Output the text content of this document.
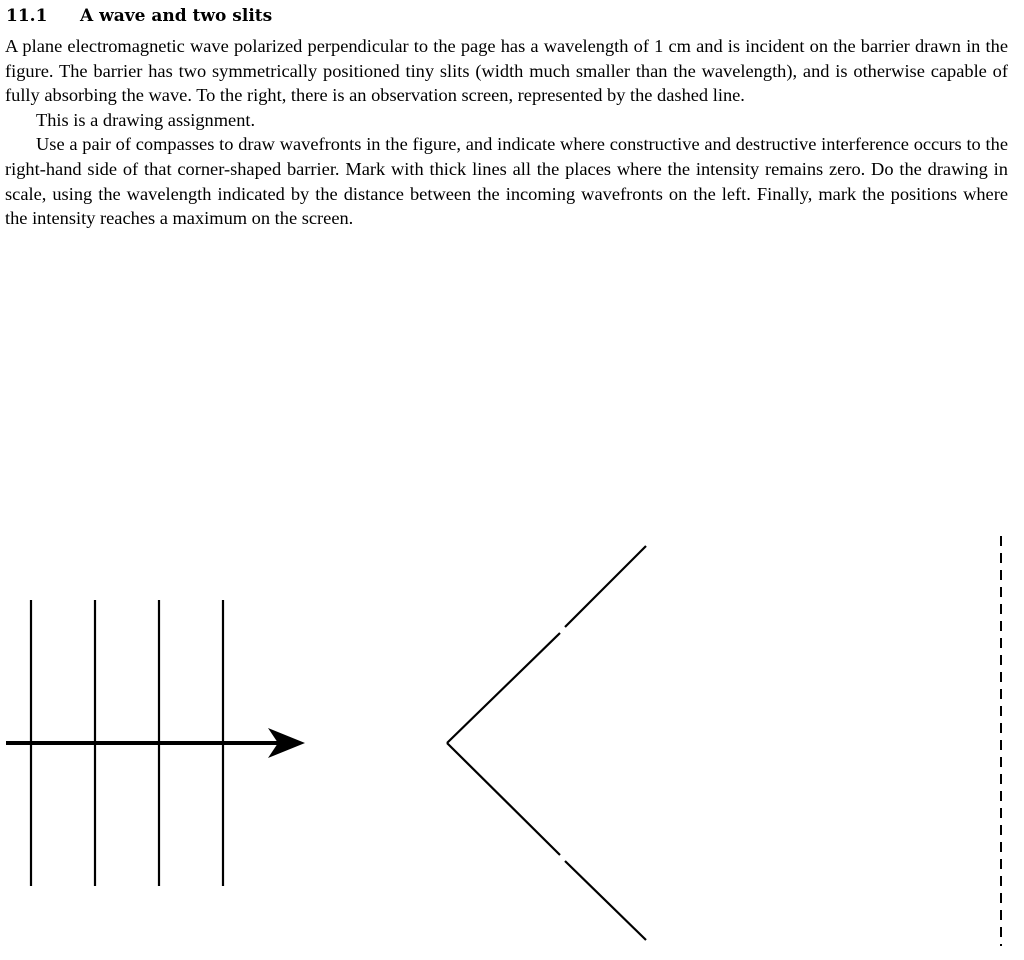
11.1 A wave and two slits

A plane electromagnetic wave polarized perpendicular to the page has a wavelength of 1 cm and is incident on the barrier drawn in the figure. The barrier has two symmetrically positioned tiny slits (width much smaller than the wavelength), and is otherwise capable of fully absorbing the wave. To the right, there is an observation screen, represented by the dashed line.

This is a drawing assignment.

Use a pair of compasses to draw wavefronts in the figure, and indicate where constructive and destructive interference occurs to the right-hand side of that corner-shaped barrier. Mark with thick lines all the places where the intensity remains zero. Do the drawing in scale, using the wavelength indicated by the distance between the incoming wavefronts on the left. Finally, mark the positions where the intensity reaches a maximum on the screen.
